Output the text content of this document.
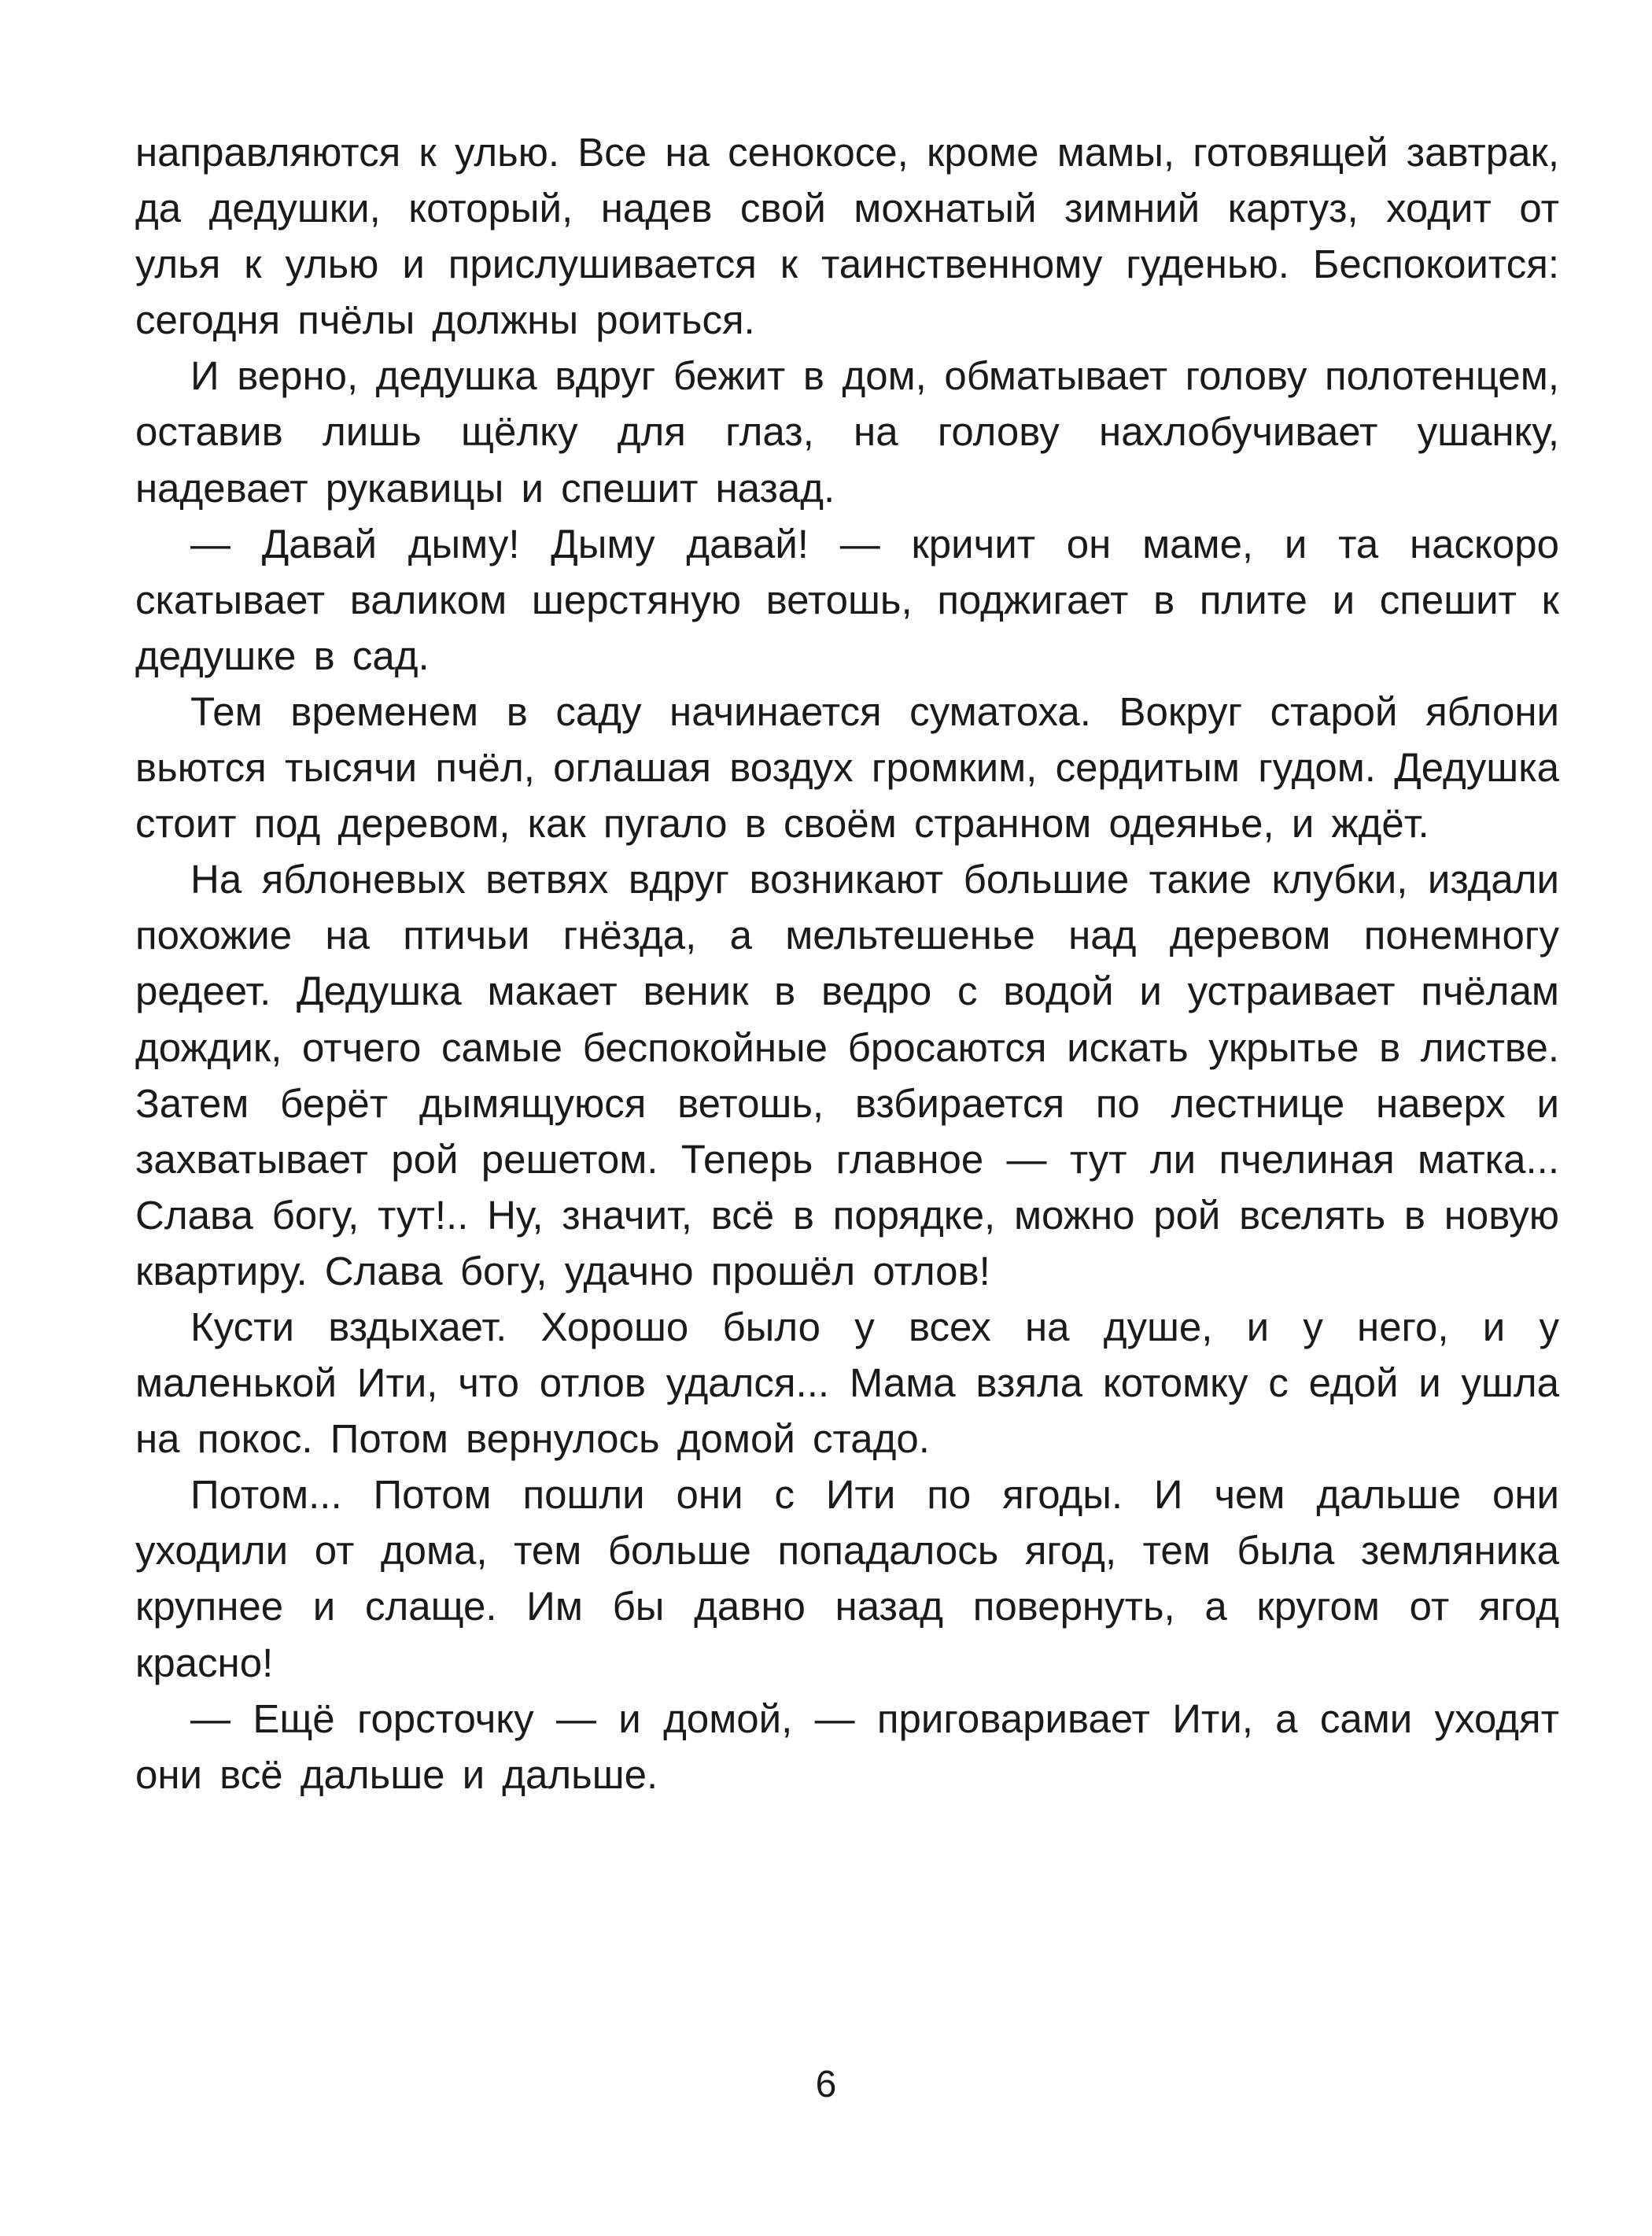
направляются к улью. Все на сенокосе, кроме мамы, готовящей завтрак, да дедушки, который, надев свой мохнатый зимний картуз, ходит от улья к улью и прислушивается к таинственному гуденью. Беспокоится: сегодня пчёлы должны роиться.

И верно, дедушка вдруг бежит в дом, обматывает голову полотенцем, оставив лишь щёлку для глаз, на голову нахлобучивает ушанку, надевает рукавицы и спешит назад.

— Давай дыму! Дыму давай! — кричит он маме, и та наскоро скатывает валиком шерстяную ветошь, поджигает в плите и спешит к дедушке в сад.

Тем временем в саду начинается суматоха. Вокруг старой яблони вьются тысячи пчёл, оглашая воздух громким, сердитым гудом. Дедушка стоит под деревом, как пугало в своём странном одеянье, и ждёт.

На яблоневых ветвях вдруг возникают большие такие клубки, издали похожие на птичьи гнёзда, а мельтешенье над деревом понемногу редеет. Дедушка макает веник в ведро с водой и устраивает пчёлам дождик, отчего самые беспокойные бросаются искать укрытье в листве. Затем берёт дымящуюся ветошь, взбирается по лестнице наверх и захватывает рой решетом. Теперь главное — тут ли пчелиная матка... Слава богу, тут!.. Ну, значит, всё в порядке, можно рой вселять в новую квартиру. Слава богу, удачно прошёл отлов!

Кусти вздыхает. Хорошо было у всех на душе, и у него, и у маленькой Ити, что отлов удался... Мама взяла котомку с едой и ушла на покос. Потом вернулось домой стадо.

Потом... Потом пошли они с Ити по ягоды. И чем дальше они уходили от дома, тем больше попадалось ягод, тем была земляника крупнее и слаще. Им бы давно назад повернуть, а кругом от ягод красно!

— Ещё горсточку — и домой, — приговаривает Ити, а сами уходят они всё дальше и дальше.

6
